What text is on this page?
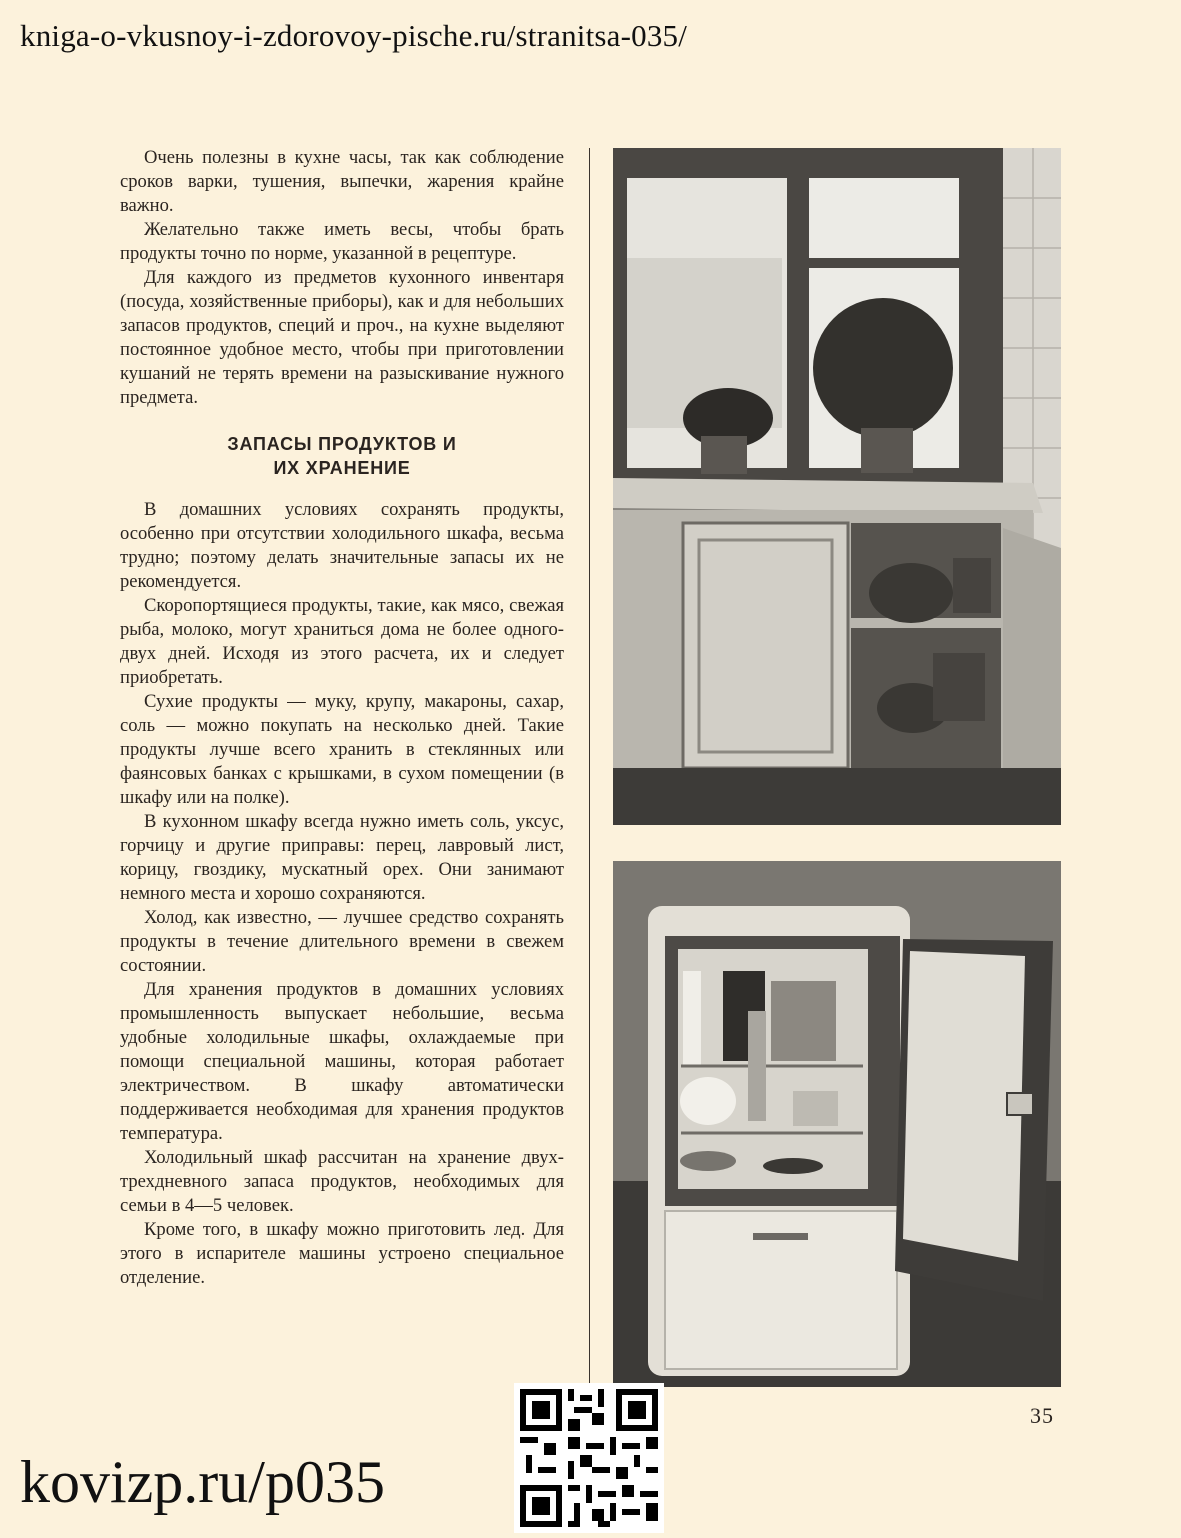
kniga-o-vkusnoy-i-zdorovoy-pische.ru/stranitsa-035/

Очень полезны в кухне часы, так как соблюдение сроков варки, тушения, выпечки, жарения крайне важно.

Желательно также иметь весы, чтобы брать продукты точно по норме, указанной в рецептуре.

Для каждого из предметов кухонного инвентаря (посуда, хозяйственные приборы), как и для небольших запасов продуктов, специй и проч., на кухне выделяют постоянное удобное место, чтобы при приготовлении кушаний не терять времени на разыскивание нужного предмета.

ЗАПАСЫ ПРОДУКТОВ И
ИХ ХРАНЕНИЕ

В домашних условиях сохранять продукты, особенно при отсутствии холодильного шкафа, весьма трудно; поэтому делать значительные запасы их не рекомендуется.

Скоропортящиеся продукты, такие, как мясо, свежая рыба, молоко, могут храниться дома не более одного-двух дней. Исходя из этого расчета, их и следует приобретать.

Сухие продукты — муку, крупу, макароны, сахар, соль — можно покупать на несколько дней. Такие продукты лучше всего хранить в стеклянных или фаянсовых банках с крышками, в сухом помещении (в шкафу или на полке).

В кухонном шкафу всегда нужно иметь соль, уксус, горчицу и другие приправы: перец, лавровый лист, корицу, гвоздику, мускатный орех. Они занимают немного места и хорошо сохраняются.

Холод, как известно, — лучшее средство сохранять продукты в течение длительного времени в свежем состоянии.

Для хранения продуктов в домашних условиях промышленность выпускает небольшие, весьма удобные холодильные шкафы, охлаждаемые при помощи специальной машины, которая работает электричеством. В шкафу автоматически поддерживается необходимая для хранения продуктов температура.

Холодильный шкаф рассчитан на хранение двух-трехдневного запаса продуктов, необходимых для семьи в 4—5 человек.

Кроме того, в шкафу можно приготовить лед. Для этого в испарителе машины устроено специальное отделение.

35
kovizp.ru/p035
